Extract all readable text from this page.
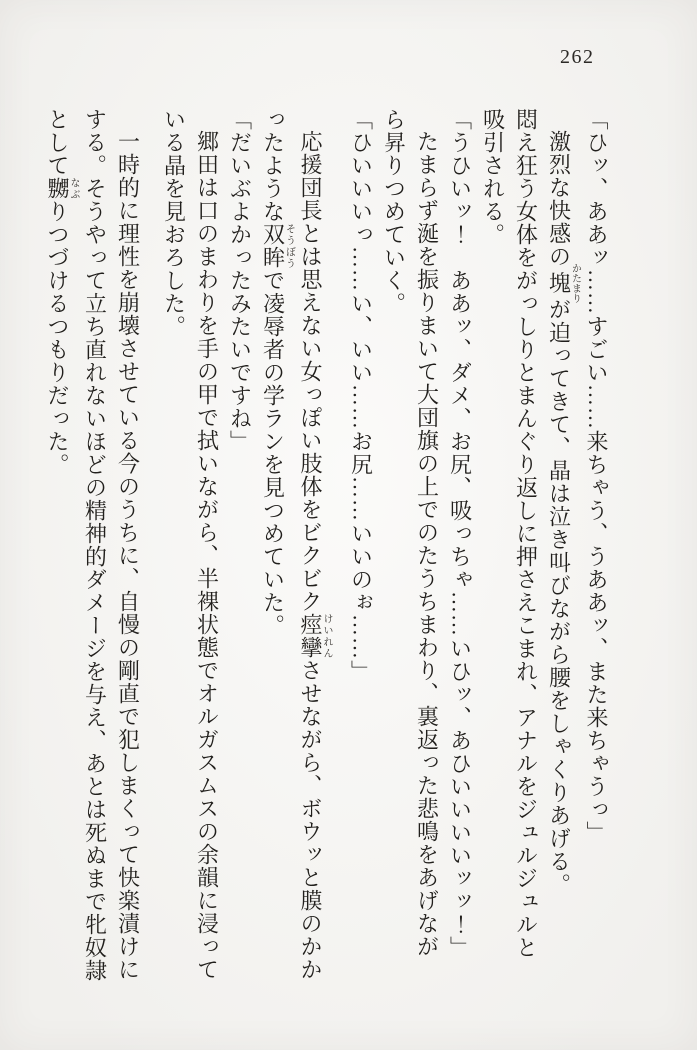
262

「ひッ、ああッ……すごい……来ちゃう、うああッ、また来ちゃうっ」

激烈な快感の塊かたまりが迫ってきて、晶は泣き叫びながら腰をしゃくりあげる。

悶え狂う女体をがっしりとまんぐり返しに押さえこまれ、アナルをジュルジュルと

吸引される。

「うひいッ！　ああッ、ダメ、お尻、吸っちゃ……いひッ、あひいいいいッッ！」

たまらず涎を振りまいて大団旗の上でのたうちまわり、裏返った悲鳴をあげなが

ら昇りつめていく。

「ひいいいっ……い、いい……お尻……いいのぉ……」

応援団長とは思えない女っぽい肢体をビクビク痙攣けいれんさせながら、ボウッと膜のかか

ったような双眸そうぼうで凌辱者の学ランを見つめていた。

「だいぶよかったみたいですね」

郷田は口のまわりを手の甲で拭いながら、半裸状態でオルガスムスの余韻に浸って

いる晶を見おろした。

一時的に理性を崩壊させている今のうちに、自慢の剛直で犯しまくって快楽漬けに

する。そうやって立ち直れないほどの精神的ダメージを与え、あとは死ぬまで牝奴隷

として嬲なぶりつづけるつもりだった。
